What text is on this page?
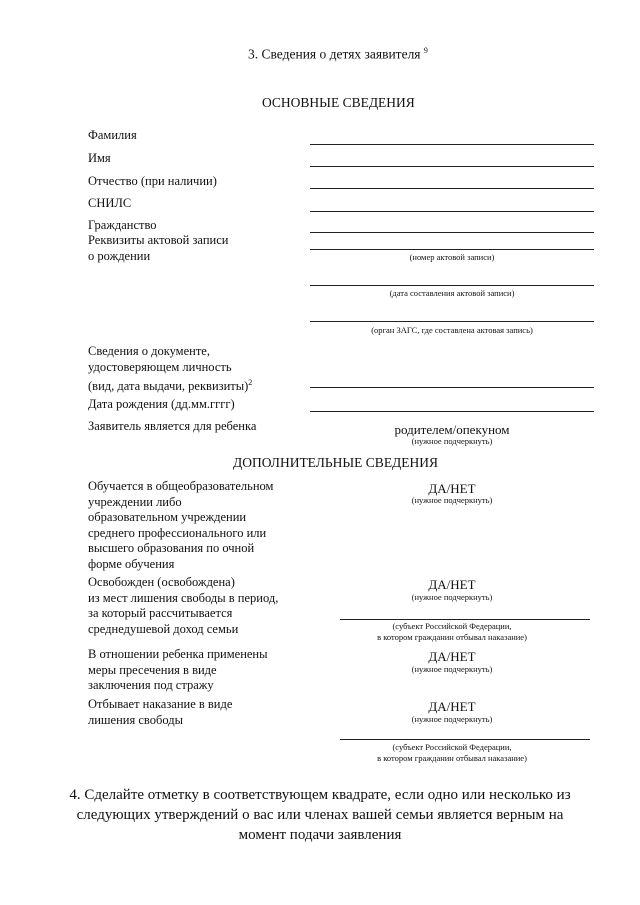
3. Сведения о детях заявителя $^9$
ОСНОВНЫЕ СВЕДЕНИЯ
Фамилия
Имя
Отчество (при наличии)
СНИЛС
Гражданство
Реквизиты актовой записи
о рождении	(номер актовой записи)
(дата составления актовой записи)
(орган ЗАГС, где составлена актовая запись)
Сведения о документе,
удостоверяющем личность
(вид, дата выдачи, реквизиты)$^2$
Дата рождения (дд.мм.гггг)
Заявитель является для ребенка	родителем/опекуном
(нужное подчеркнуть)
ДОПОЛНИТЕЛЬНЫЕ СВЕДЕНИЯ
Обучается в общеобразовательном
учреждении либо
образовательном учреждении
среднего профессионального или
высшего образования по очной
форме обучения
ДА/НЕТ
(нужное подчеркнуть)
Освобожден (освобождена)
из мест лишения свободы в период,
за который рассчитывается
среднедушевой доход семьи
ДА/НЕТ
(нужное подчеркнуть)
(субъект Российской Федерации,
в котором гражданин отбывал наказание)
В отношении ребенка применены
меры пресечения в виде
заключения под стражу
ДА/НЕТ
(нужное подчеркнуть)
Отбывает наказание в виде
лишения свободы
ДА/НЕТ
(нужное подчеркнуть)
(субъект Российской Федерации,
в котором гражданин отбывал наказание)
4. Сделайте отметку в соответствующем квадрате, если одно или несколько из
следующих утверждений о вас или членах вашей семьи является верным на
момент подачи заявления
